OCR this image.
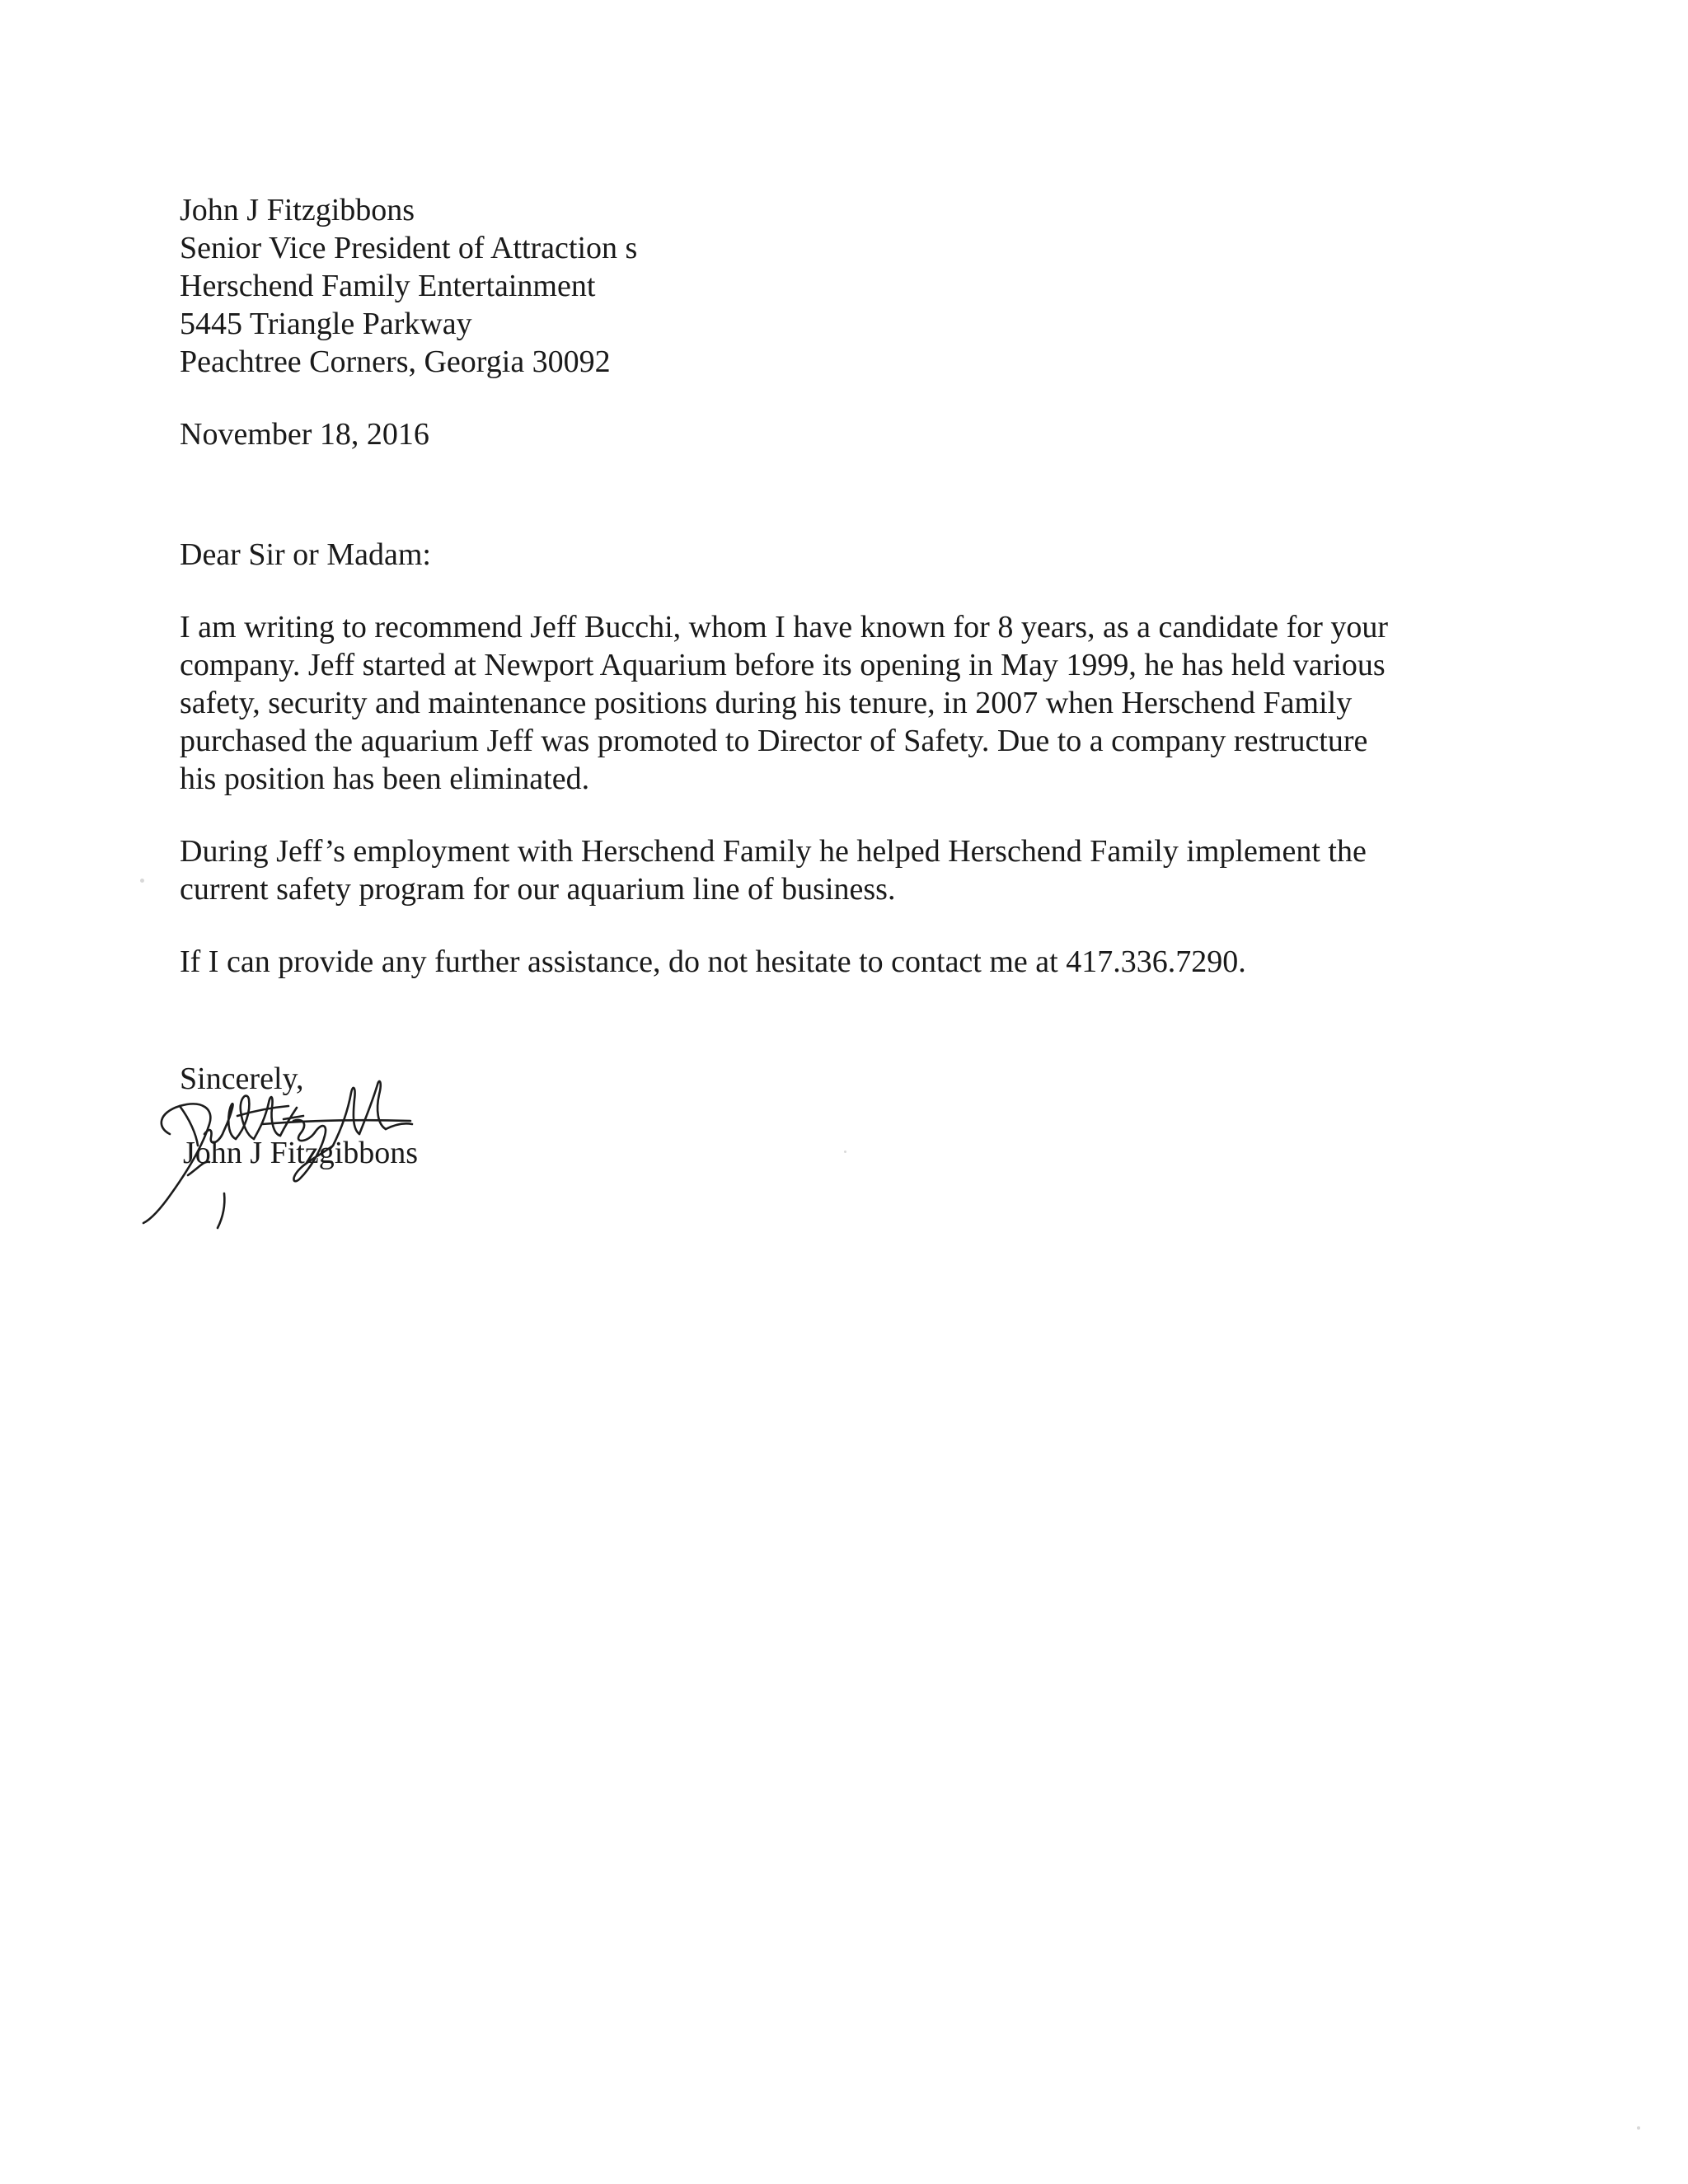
John J Fitzgibbons
Senior Vice President of Attraction s
Herschend Family Entertainment
5445 Triangle Parkway
Peachtree Corners, Georgia 30092
November 18, 2016
Dear Sir or Madam:

I am writing to recommend Jeff Bucchi, whom I have known for 8 years, as a candidate for your
company. Jeff started at Newport Aquarium before its opening in May 1999, he has held various
safety, security and maintenance positions during his tenure, in 2007 when Herschend Family
purchased the aquarium Jeff was promoted to Director of Safety. Due to a company restructure
his position has been eliminated.

During Jeff’s employment with Herschend Family he helped Herschend Family implement the
current safety program for our aquarium line of business.

If I can provide any further assistance, do not hesitate to contact me at 417.336.7290.

Sincerely,
John J Fitzgibbons
